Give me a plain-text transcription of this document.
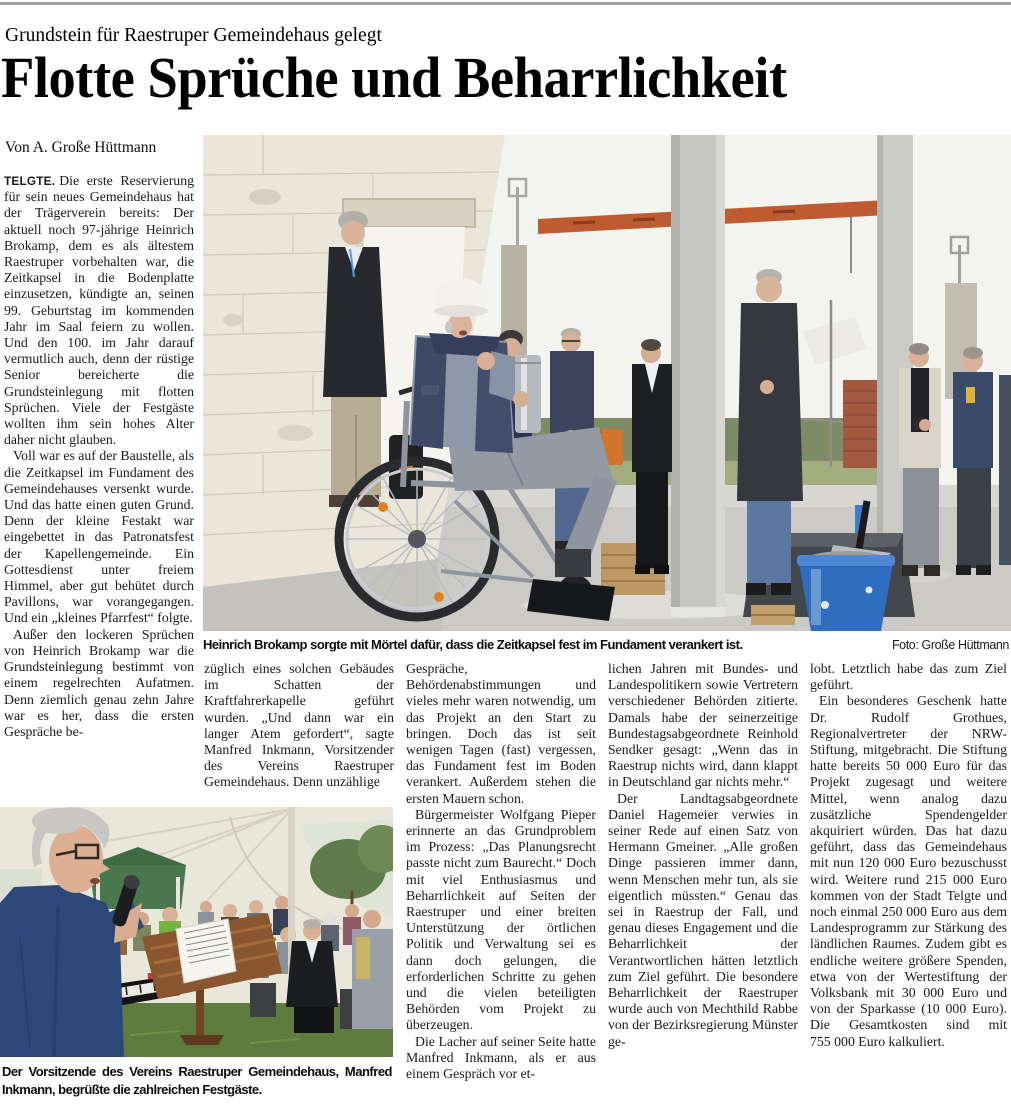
Grundstein für Raestruper Gemeindehaus gelegt
Flotte Sprüche und Beharrlichkeit
Von A. Große Hüttmann

TELGTE. Die erste Reservierung für sein neues Gemeindehaus hat der Trägerverein bereits: Der aktuell noch 97-jährige Heinrich Brokamp, dem es als ältestem Raestruper vorbehalten war, die Zeitkapsel in die Bodenplatte einzusetzen, kündigte an, seinen 99. Geburtstag im kommenden Jahr im Saal feiern zu wollen. Und den 100. im Jahr darauf vermutlich auch, denn der rüstige Senior bereicherte die Grundsteinlegung mit flotten Sprüchen. Viele der Festgäste wollten ihm sein hohes Alter daher nicht glauben.

Voll war es auf der Baustelle, als die Zeitkapsel im Fundament des Gemeindehauses versenkt wurde. Und das hatte einen guten Grund. Denn der kleine Festakt war eingebettet in das Patronatsfest der Kapellengemeinde. Ein Gottesdienst unter freiem Himmel, aber gut behütet durch Pavillons, war vorangegangen. Und ein „kleines Pfarrfest“ folgte.

Außer den lockeren Sprüchen von Heinrich Brokamp war die Grundsteinlegung bestimmt von einem regelrechten Aufatmen. Denn ziemlich genau zehn Jahre war es her, dass die ersten Gespräche be-

Heinrich Brokamp sorgte mit Mörtel dafür, dass die Zeitkapsel fest im Fundament verankert ist.	Foto: Große Hüttmann

züglich eines solchen Gebäudes im Schatten der Kraftfahrerkapelle geführt wurden. „Und dann war ein langer Atem gefordert“, sagte Manfred Inkmann, Vorsitzender des Vereins Raestruper Gemeindehaus. Denn unzählige

Gespräche, Behördenabstimmungen und vieles mehr waren notwendig, um das Projekt an den Start zu bringen. Doch das ist seit wenigen Tagen (fast) vergessen, das Fundament fest im Boden verankert. Außerdem stehen die ersten Mauern schon.

Bürgermeister Wolfgang Pieper erinnerte an das Grundproblem im Prozess: „Das Planungsrecht passte nicht zum Baurecht.“ Doch mit viel Enthusiasmus und Beharrlichkeit auf Seiten der Raestruper und einer breiten Unterstützung der örtlichen Politik und Verwaltung sei es dann doch gelungen, die erforderlichen Schritte zu gehen und die vielen beteiligten Behörden vom Projekt zu überzeugen.

Die Lacher auf seiner Seite hatte Manfred Inkmann, als er aus einem Gespräch vor et-

lichen Jahren mit Bundes- und Landespolitikern sowie Vertretern verschiedener Behörden zitierte. Damals habe der seinerzeitige Bundestagsabgeordnete Reinhold Sendker gesagt: „Wenn das in Raestrup nichts wird, dann klappt in Deutschland gar nichts mehr.“

Der Landtagsabgeordnete Daniel Hagemeier verwies in seiner Rede auf einen Satz von Hermann Gmeiner. „Alle großen Dinge passieren immer dann, wenn Menschen mehr tun, als sie eigentlich müssten.“ Genau das sei in Raestrup der Fall, und genau dieses Engagement und die Beharrlichkeit der Verantwortlichen hätten letztlich zum Ziel geführt. Die besondere Beharrlichkeit der Raestruper wurde auch von Mechthild Rabbe von der Bezirksregierung Münster ge-

lobt. Letztlich habe das zum Ziel geführt.

Ein besonderes Geschenk hatte Dr. Rudolf Grothues, Regionalvertreter der NRW-Stiftung, mitgebracht. Die Stiftung hatte bereits 50 000 Euro für das Projekt zugesagt und weitere Mittel, wenn analog dazu zusätzliche Spendengelder akquiriert würden. Das hat dazu geführt, dass das Gemeindehaus mit nun 120 000 Euro bezuschusst wird. Weitere rund 215 000 Euro kommen von der Stadt Telgte und noch einmal 250 000 Euro aus dem Landesprogramm zur Stärkung des ländlichen Raumes. Zudem gibt es endliche weitere größere Spenden, etwa von der Wertestiftung der Volksbank mit 30 000 Euro und von der Sparkasse (10 000 Euro). Die Gesamtkosten sind mit 755 000 Euro kalkuliert.

Der Vorsitzende des Vereins Raestruper Gemeindehaus, Manfred Inkmann, begrüßte die zahlreichen Festgäste.
